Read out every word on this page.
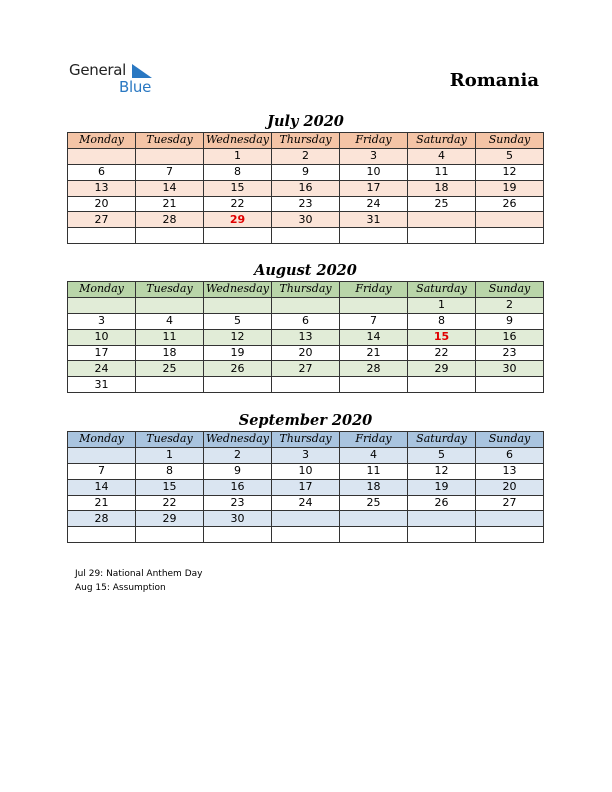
General
Blue	Romania
July 2020
Monday	Tuesday	Wednesday	Thursday	Friday	Saturday	Sunday
		1	2	3	4	5
6	7	8	9	10	11	12
13	14	15	16	17	18	19
20	21	22	23	24	25	26
27	28	29	30	31		

August 2020
Monday	Tuesday	Wednesday	Thursday	Friday	Saturday	Sunday
					1	2
3	4	5	6	7	8	9
10	11	12	13	14	15	16
17	18	19	20	21	22	23
24	25	26	27	28	29	30
31						
September 2020
Monday	Tuesday	Wednesday	Thursday	Friday	Saturday	Sunday
	1	2	3	4	5	6
7	8	9	10	11	12	13
14	15	16	17	18	19	20
21	22	23	24	25	26	27
28	29	30				

Jul 29: National Anthem Day
Aug 15: Assumption
